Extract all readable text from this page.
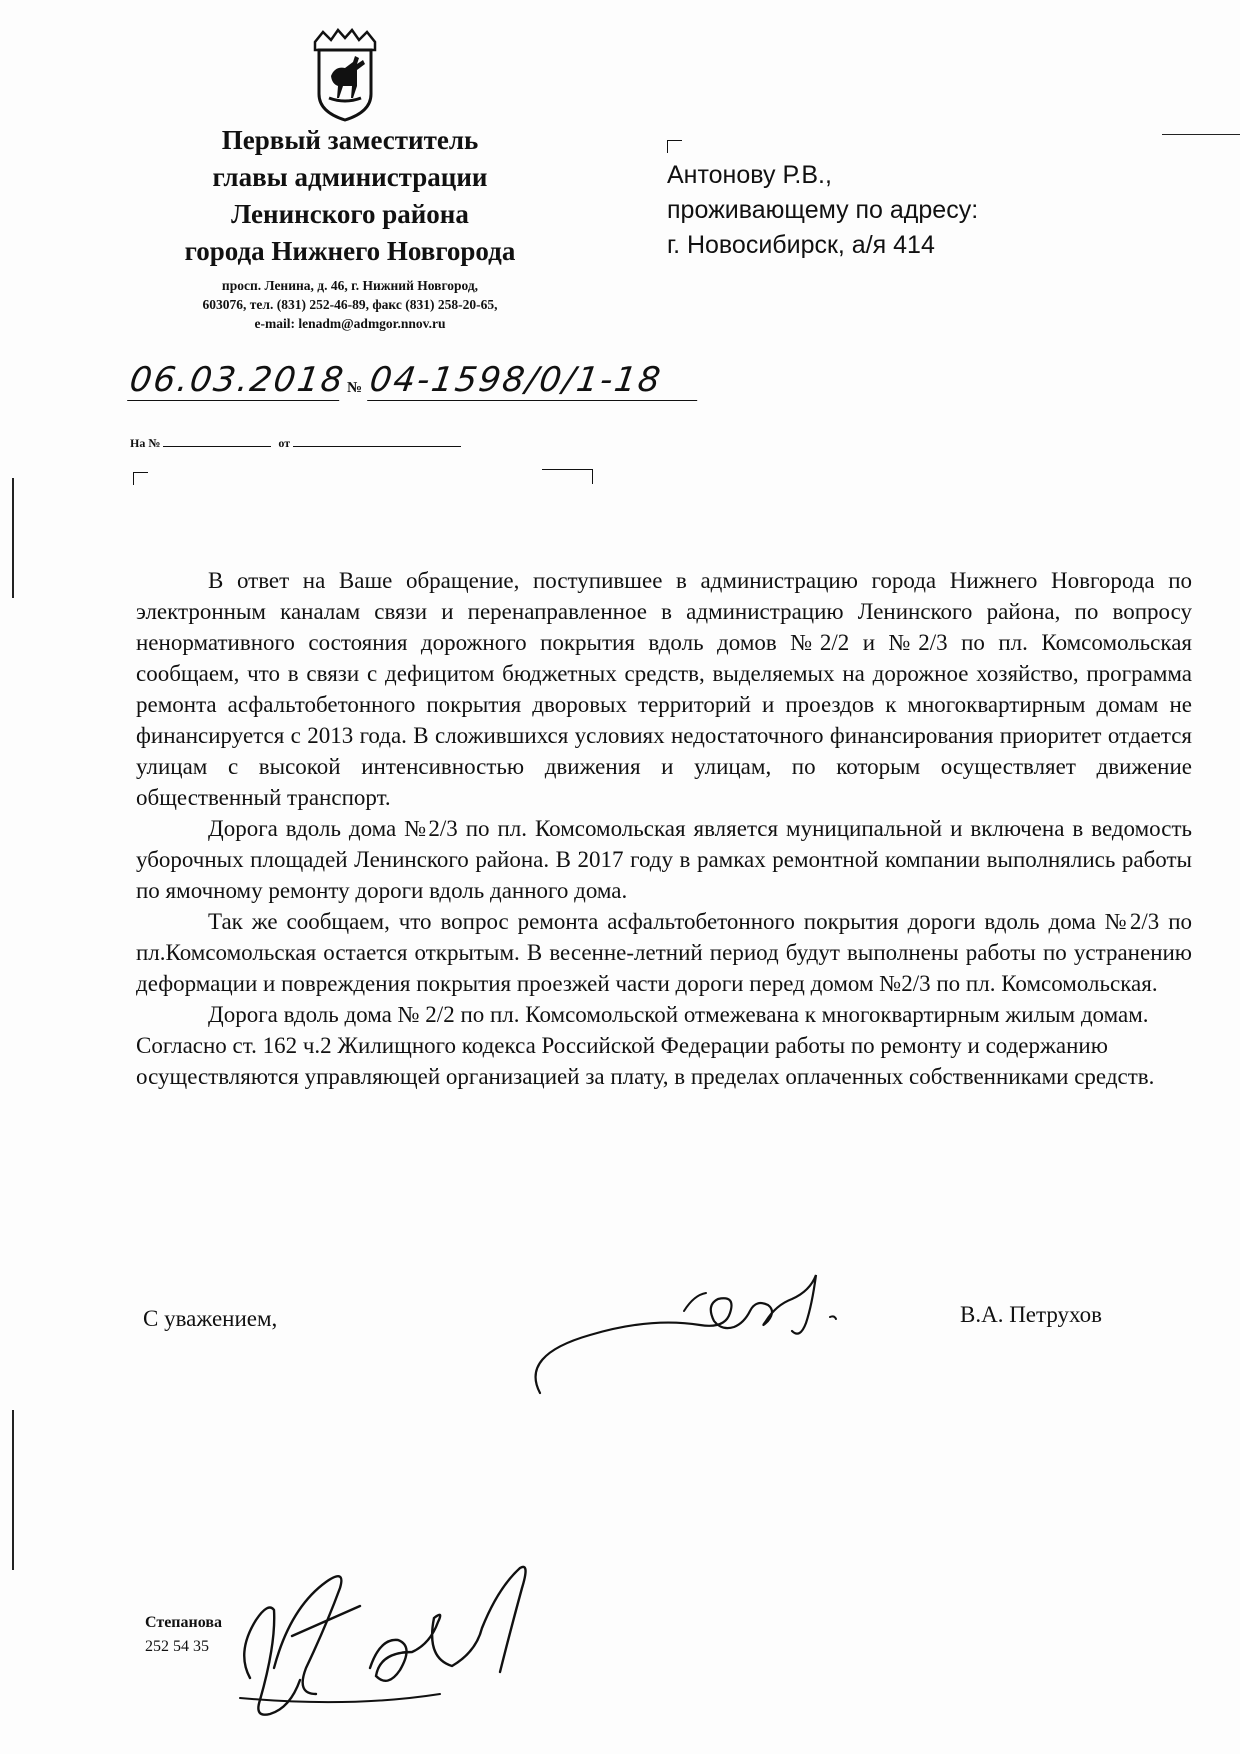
Первый заместитель
главы администрации
Ленинского района
города Нижнего Новгорода

просп. Ленина, д. 46, г. Нижний Новгород,
603076, тел. (831) 252-46-89, факс (831) 258-20-65,
e-mail: lenadm@admgor.nnov.ru

Антонову Р.В.,
проживающему по адресу:
г. Новосибирск, а/я 414
06.03.2018 № 04-1598/0/1-18
На №	от

В ответ на Ваше обращение, поступившее в администрацию города Нижнего Новгорода по электронным каналам связи и перенаправленное в администрацию Ленинского района, по вопросу ненормативного состояния дорожного покрытия вдоль домов №2/2 и №2/3 по пл. Комсомольская сообщаем, что в связи с дефицитом бюджетных средств, выделяемых на дорожное хозяйство, программа ремонта асфальтобетонного покрытия дворовых территорий и проездов к многоквартирным домам не финансируется с 2013 года. В сложившихся условиях недостаточного финансирования приоритет отдается улицам с высокой интенсивностью движения и улицам, по которым осуществляет движение общественный транспорт.

Дорога вдоль дома №2/3 по пл. Комсомольская является муниципальной и включена в ведомость уборочных площадей Ленинского района. В 2017 году в рамках ремонтной компании выполнялись работы по ямочному ремонту дороги вдоль данного дома.

Так же сообщаем, что вопрос ремонта асфальтобетонного покрытия дороги вдоль дома №2/3 по пл.Комсомольская остается открытым. В весенне-летний период будут выполнены работы по устранению деформации и повреждения покрытия проезжей части дороги перед домом №2/3 по пл. Комсомольская.

Дорога вдоль дома № 2/2 по пл. Комсомольской отмежевана к многоквартирным жилым домам. Согласно ст. 162 ч.2 Жилищного кодекса Российской Федерации работы по ремонту и содержанию осуществляются управляющей организацией за плату, в пределах оплаченных собственниками средств.

С уважением,	В.А. Петрухов
Степанова
252 54 35
